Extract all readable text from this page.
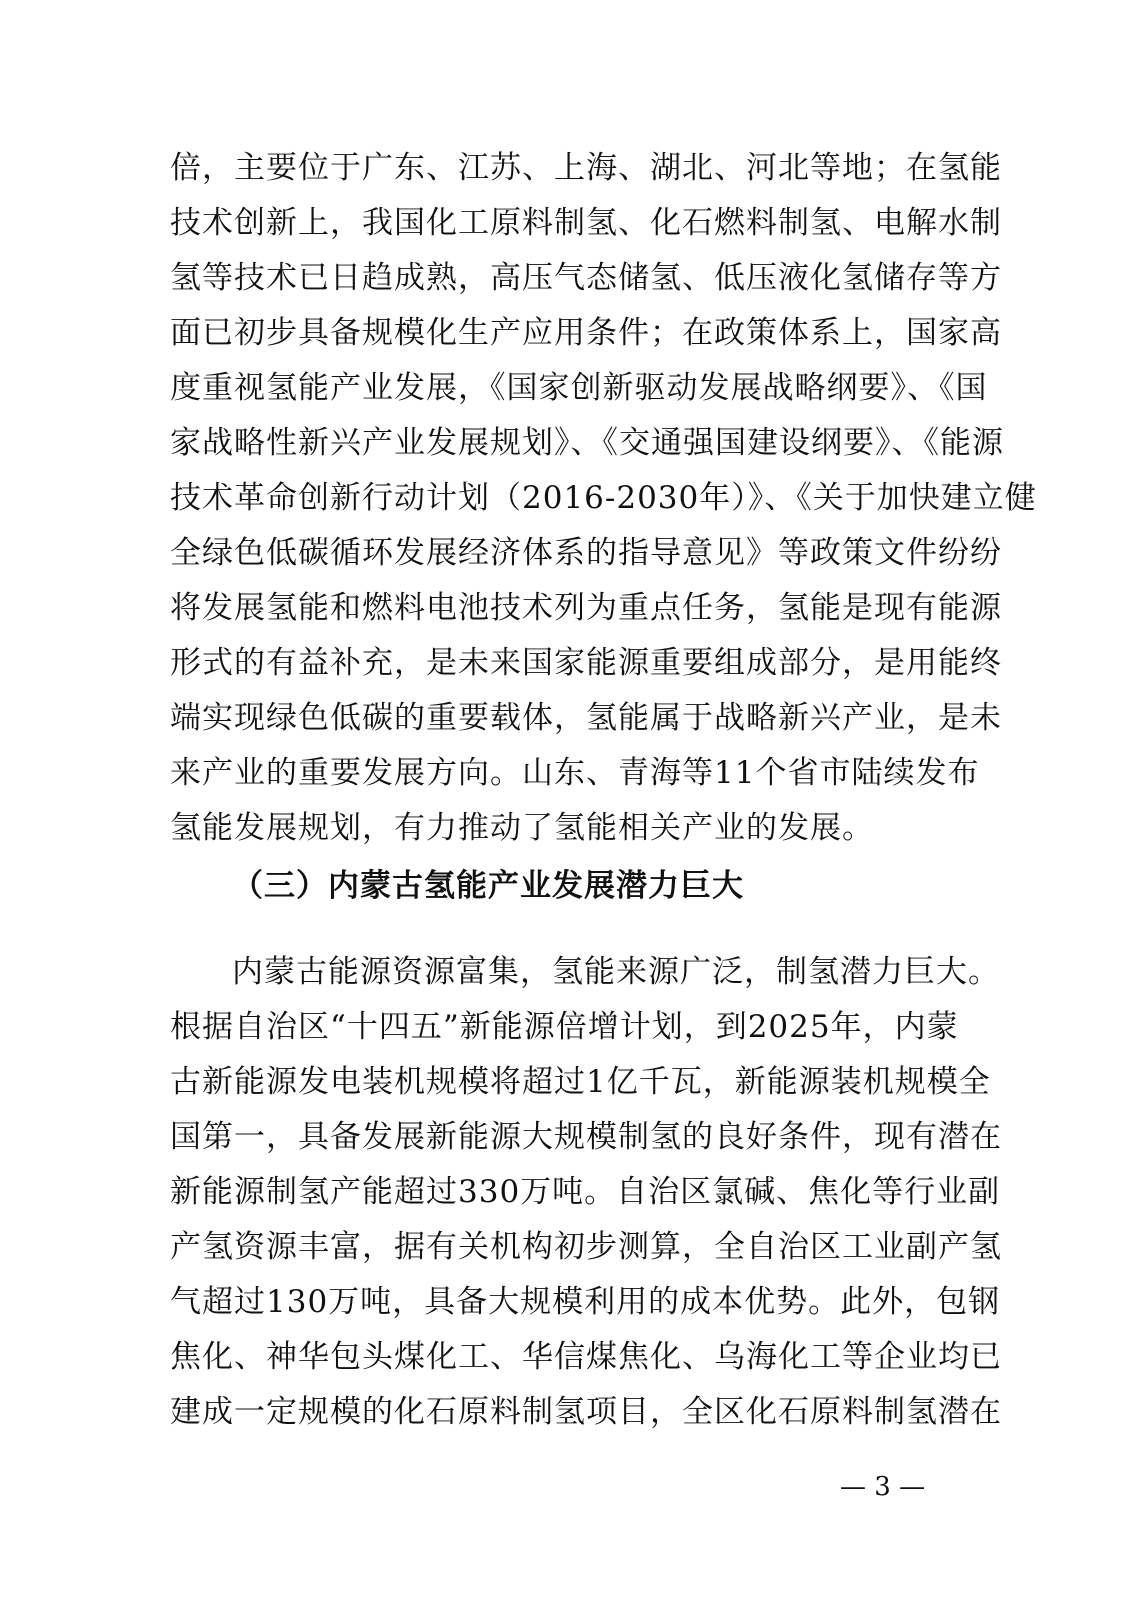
倍，主要位于广东、江苏、上海、湖北、河北等地；在氢能
技术创新上，我国化工原料制氢、化石燃料制氢、电解水制
氢等技术已日趋成熟，高压气态储氢、低压液化氢储存等方
面已初步具备规模化生产应用条件；在政策体系上，国家高
度重视氢能产业发展，《国家创新驱动发展战略纲要》、《国
家战略性新兴产业发展规划》、《交通强国建设纲要》、《能源
技术革命创新行动计划（2016-2030年）》、《关于加快建立健
全绿色低碳循环发展经济体系的指导意见》等政策文件纷纷
将发展氢能和燃料电池技术列为重点任务，氢能是现有能源
形式的有益补充，是未来国家能源重要组成部分，是用能终
端实现绿色低碳的重要载体，氢能属于战略新兴产业，是未
来产业的重要发展方向。山东、青海等11个省市陆续发布
氢能发展规划，有力推动了氢能相关产业的发展。
（三）内蒙古氢能产业发展潜力巨大
内蒙古能源资源富集，氢能来源广泛，制氢潜力巨大。
根据自治区“十四五”新能源倍增计划，到2025年，内蒙
古新能源发电装机规模将超过1亿千瓦，新能源装机规模全
国第一，具备发展新能源大规模制氢的良好条件，现有潜在
新能源制氢产能超过330万吨。自治区氯碱、焦化等行业副
产氢资源丰富，据有关机构初步测算，全自治区工业副产氢
气超过130万吨，具备大规模利用的成本优势。此外，包钢
焦化、神华包头煤化工、华信煤焦化、乌海化工等企业均已
建成一定规模的化石原料制氢项目，全区化石原料制氢潜在
— 3 —
